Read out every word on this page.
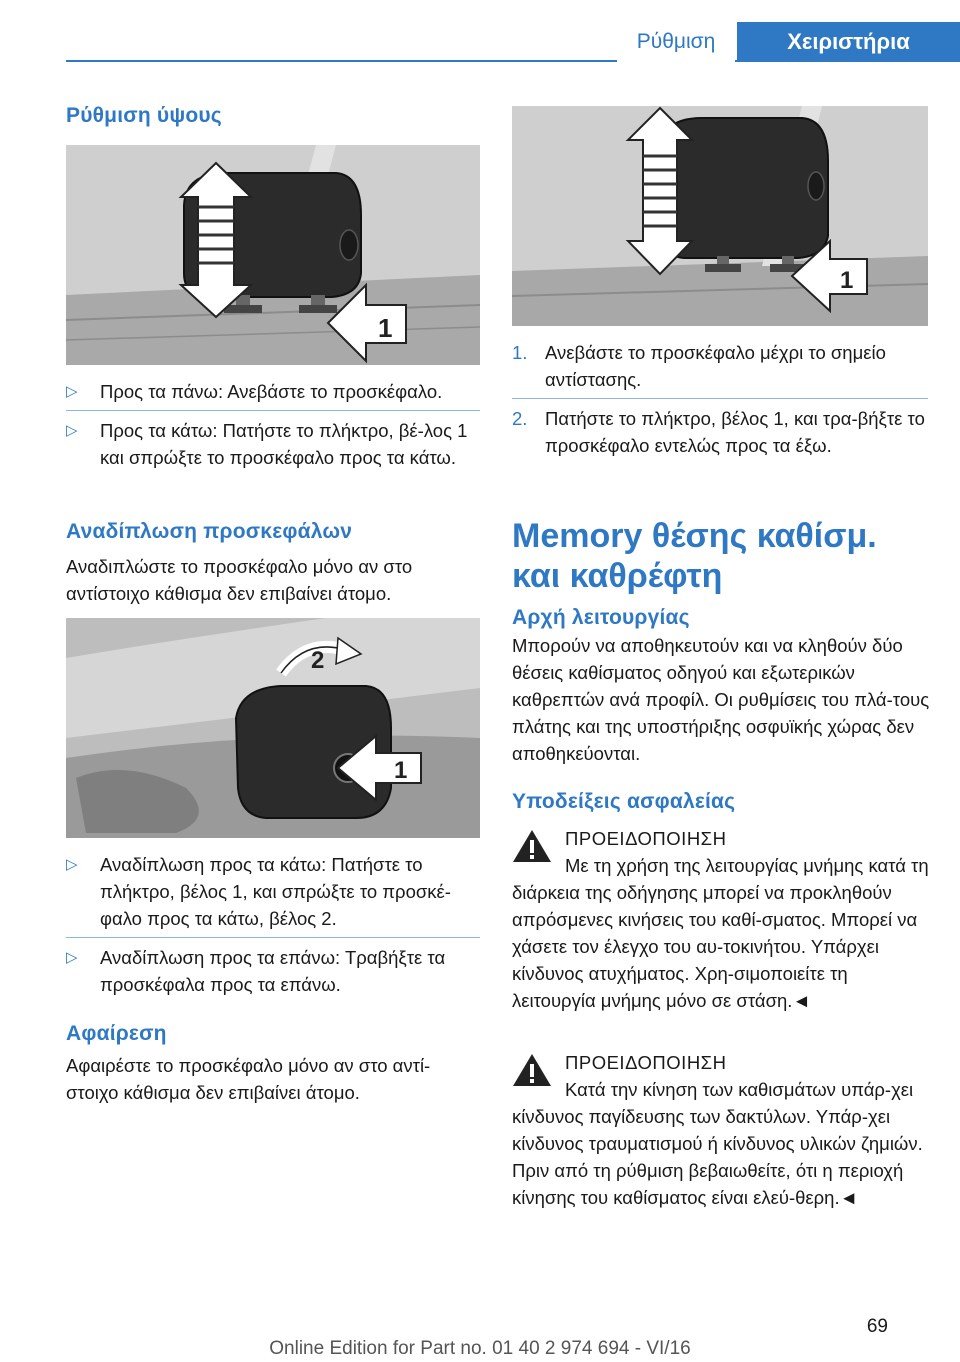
Ρύθμιση	Χειριστήρια
Ρύθμιση ύψους
1
▷ Προς τα πάνω: Ανεβάστε το προσκέφαλο.
▷ Προς τα κάτω: Πατήστε το πλήκτρο, βέ‐λος 1 και σπρώξτε το προσκέφαλο προς τα κάτω.
Αναδίπλωση προσκεφάλων
Αναδιπλώστε το προσκέφαλο μόνο αν στο αντίστοιχο κάθισμα δεν επιβαίνει άτομο.
2
1
▷ Αναδίπλωση προς τα κάτω: Πατήστε το πλήκτρο, βέλος 1, και σπρώξτε το προσκέ‐φαλο προς τα κάτω, βέλος 2.
▷ Αναδίπλωση προς τα επάνω: Τραβήξτε τα προσκέφαλα προς τα επάνω.
Αφαίρεση
Αφαιρέστε το προσκέφαλο μόνο αν στο αντί‐στοιχο κάθισμα δεν επιβαίνει άτομο.
1
1. Ανεβάστε το προσκέφαλο μέχρι το σημείο αντίστασης.
2. Πατήστε το πλήκτρο, βέλος 1, και τρα‐βήξτε το προσκέφαλο εντελώς προς τα έξω.
Memory θέσης καθίσμ. και καθρέφτη
Αρχή λειτουργίας
Μπορούν να αποθηκευτούν και να κληθούν δύο θέσεις καθίσματος οδηγού και εξωτερικών καθρεπτών ανά προφίλ. Οι ρυθμίσεις του πλά‐τους πλάτης και της υποστήριξης οσφυϊκής χώρας δεν αποθηκεύονται.
Υποδείξεις ασφαλείας
ΠΡΟΕΙΔΟΠΟΙΗΣΗ
Με τη χρήση της λειτουργίας μνήμης κατά τη διάρκεια της οδήγησης μπορεί να προκληθούν απρόσμενες κινήσεις του καθί‐σματος. Μπορεί να χάσετε τον έλεγχο του αυ‐τοκινήτου. Υπάρχει κίνδυνος ατυχήματος. Χρη‐σιμοποιείτε τη λειτουργία μνήμης μόνο σε στάση.◄
ΠΡΟΕΙΔΟΠΟΙΗΣΗ
Κατά την κίνηση των καθισμάτων υπάρ‐χει κίνδυνος παγίδευσης των δακτύλων. Υπάρ‐χει κίνδυνος τραυματισμού ή κίνδυνος υλικών ζημιών. Πριν από τη ρύθμιση βεβαιωθείτε, ότι η περιοχή κίνησης του καθίσματος είναι ελεύ‐θερη.◄
69
Online Edition for Part no. 01 40 2 974 694 - VI/16
